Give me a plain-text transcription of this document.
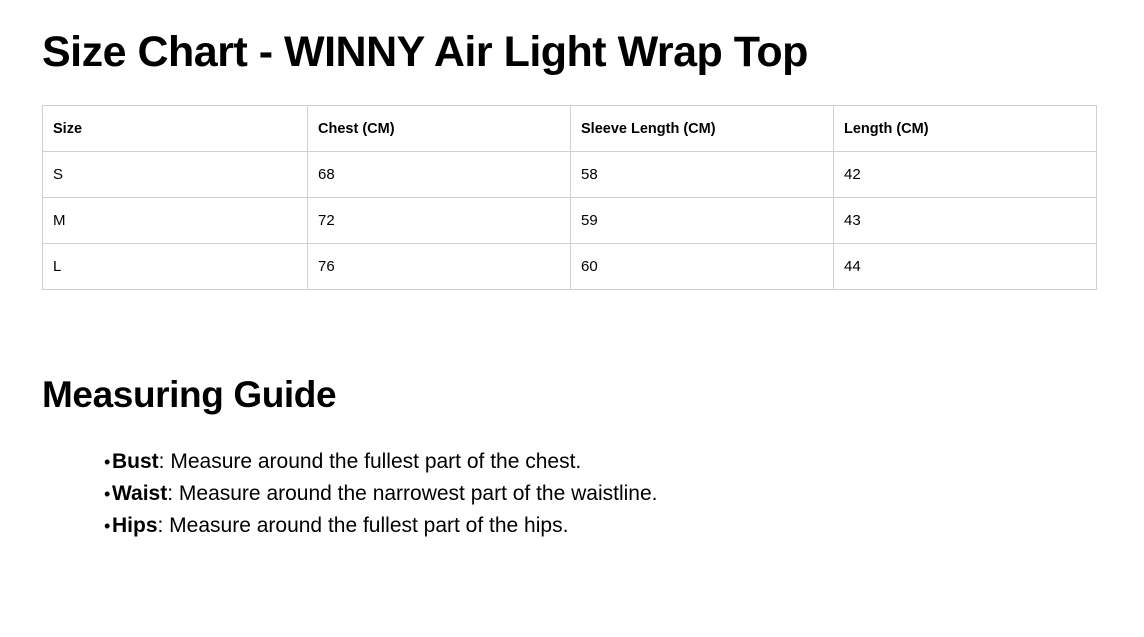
Size Chart - WINNY Air Light Wrap Top
Size	Chest (CM)	Sleeve Length (CM)	Length (CM)
S	68	58	42
M	72	59	43
L	76	60	44
Measuring Guide
• Bust: Measure around the fullest part of the chest.
• Waist: Measure around the narrowest part of the waistline.
• Hips: Measure around the fullest part of the hips.
